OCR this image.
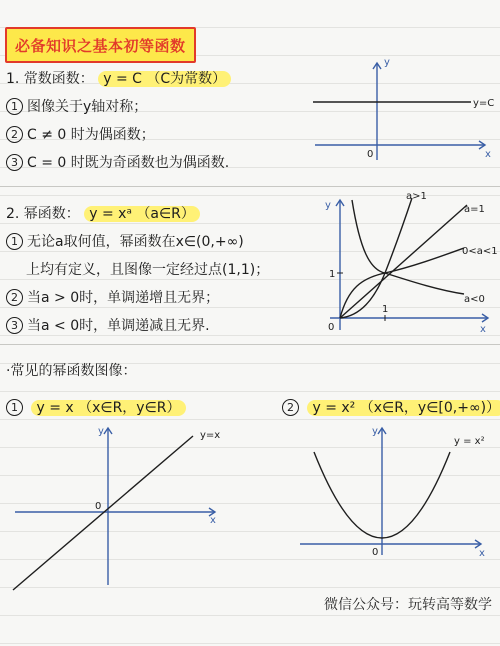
必备知识之基本初等函数
1. 常数函数： y = C （C为常数）
1 图像关于y轴对称；
2 C ≠ 0 时为偶函数；
3 C = 0 时既为奇函数也为偶函数.
y=C
y
x
0
2. 幂函数： y = xᵃ （a∈R）
1 无论a取何值，幂函数在x∈(0,+∞)
上均有定义，且图像一定经过点(1,1)；
2 当a > 0时，单调递增且无界；
3 当a < 0时，单调递减且无界.
a>1
a=1
0<a<1
a<0
y
x
0
1
1
·常见的幂函数图像：
1 y = x （x∈R，y∈R）	2 y = x² （x∈R，y∈[0,+∞)）
y=x
y
x
0
y = x²
y
x
0
微信公众号：玩转高等数学
